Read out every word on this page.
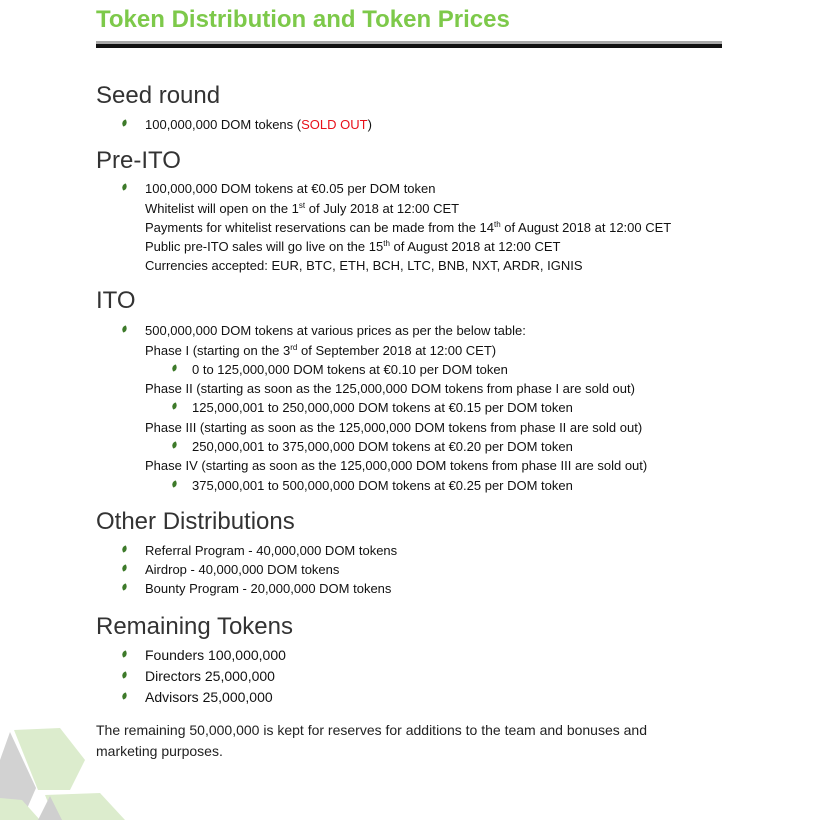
Token Distribution and Token Prices
Seed round
100,000,000 DOM tokens (SOLD OUT)
Pre-ITO
100,000,000 DOM tokens at €0.05 per DOM token
Whitelist will open on the 1st of July 2018 at 12:00 CET
Payments for whitelist reservations can be made from the 14th of August 2018 at 12:00 CET
Public pre-ITO sales will go live on the 15th of August 2018 at 12:00 CET
Currencies accepted: EUR, BTC, ETH, BCH, LTC, BNB, NXT, ARDR, IGNIS
ITO
500,000,000 DOM tokens at various prices as per the below table:
Phase I (starting on the 3rd of September 2018 at 12:00 CET)
0 to 125,000,000 DOM tokens at €0.10 per DOM token
Phase II (starting as soon as the 125,000,000 DOM tokens from phase I are sold out)
125,000,001 to 250,000,000 DOM tokens at €0.15 per DOM token
Phase III (starting as soon as the 125,000,000 DOM tokens from phase II are sold out)
250,000,001 to 375,000,000 DOM tokens at €0.20 per DOM token
Phase IV (starting as soon as the 125,000,000 DOM tokens from phase III are sold out)
375,000,001 to 500,000,000 DOM tokens at €0.25 per DOM token
Other Distributions
Referral Program - 40,000,000 DOM tokens
Airdrop - 40,000,000 DOM tokens
Bounty Program - 20,000,000 DOM tokens
Remaining Tokens
Founders 100,000,000
Directors 25,000,000
Advisors 25,000,000
The remaining 50,000,000 is kept for reserves for additions to the team and bonuses and marketing purposes.
